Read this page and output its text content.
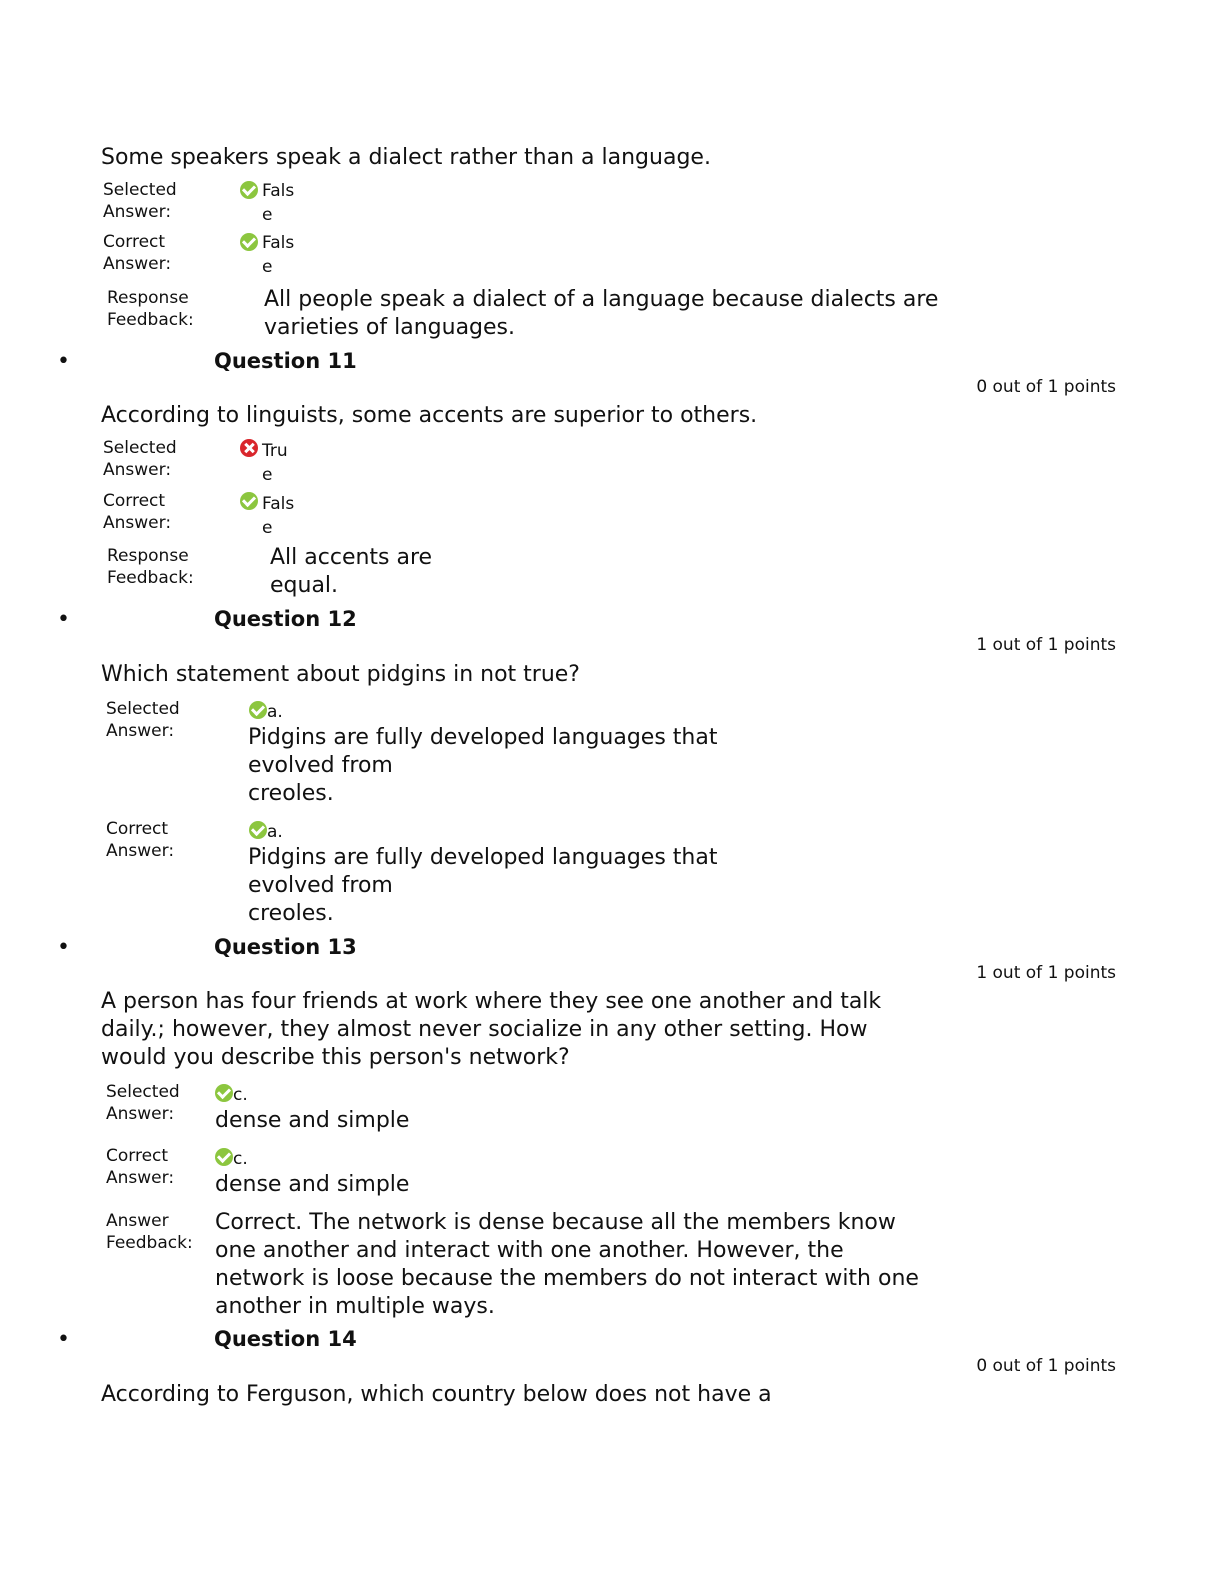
Some speakers speak a dialect rather than a language.
Selected
Answer:
Fals
e
Correct
Answer:
Fals
e
Response
Feedback:
All people speak a dialect of a language because dialects are
varieties of languages.
•	Question 11
0 out of 1 points
According to linguists, some accents are superior to others.
Selected
Answer:
Tru
e
Correct
Answer:
Fals
e
Response
Feedback:
All accents are
equal.
•	Question 12
1 out of 1 points
Which statement about pidgins in not true?
Selected
Answer:
a.
Pidgins are fully developed languages that
evolved from
creoles.
Correct
Answer:
a.
Pidgins are fully developed languages that
evolved from
creoles.
•	Question 13
1 out of 1 points
A person has four friends at work where they see one another and talk
daily.; however, they almost never socialize in any other setting. How
would you describe this person's network?
Selected
Answer:
c.
dense and simple
Correct
Answer:
c.
dense and simple
Answer
Feedback:
Correct. The network is dense because all the members know
one another and interact with one another. However, the
network is loose because the members do not interact with one
another in multiple ways.
•	Question 14
0 out of 1 points
According to Ferguson, which country below does not have a
